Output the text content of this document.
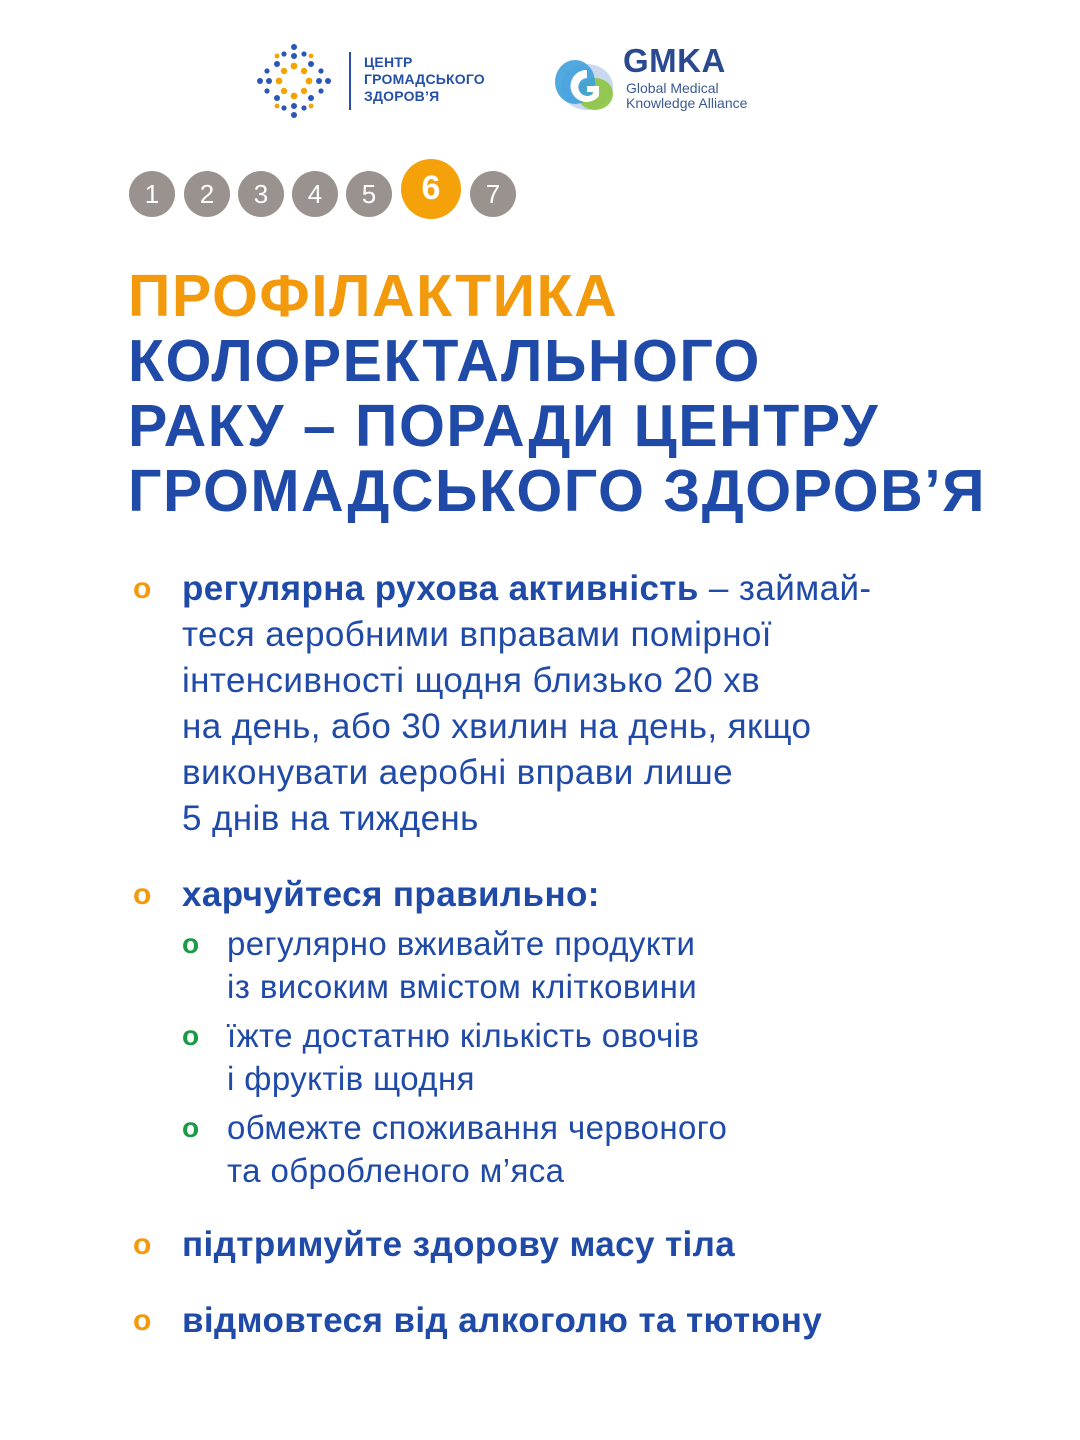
ЦЕНТР
ГРОМАДСЬКОГО
ЗДОРОВ’Я
GMKA
Global Medical
Knowledge Alliance
1	2	3	4	5	6	7
ПРОФІЛАКТИКА
КОЛОРЕКТАЛЬНОГО
РАКУ – ПОРАДИ ЦЕНТРУ
ГРОМАДСЬКОГО ЗДОРОВ’Я
o регулярна рухова активність – займай-
теся аеробними вправами помірної
інтенсивності щодня близько 20 хв
на день, або 30 хвилин на день, якщо
виконувати аеробні вправи лише
5 днів на тиждень
o харчуйтеся правильно:
o регулярно вживайте продукти
із високим вмістом клітковини
o їжте достатню кількість овочів
і фруктів щодня
o обмежте споживання червоного
та обробленого м’яса
o підтримуйте здорову масу тіла
o відмовтеся від алкоголю та тютюну
